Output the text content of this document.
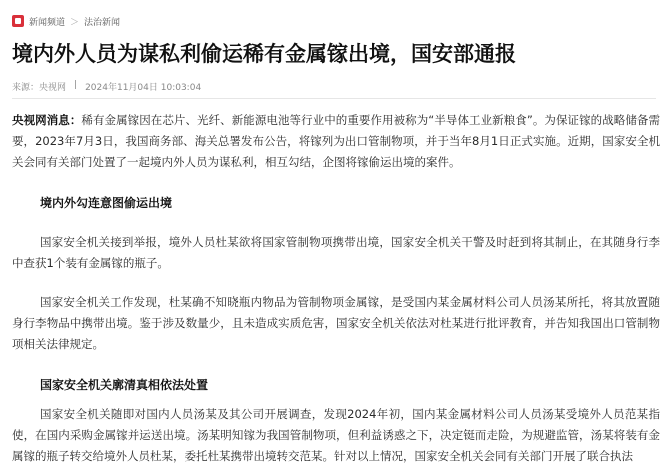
新闻频道 ＞ 法治新闻
境内外人员为谋私利偷运稀有金属镓出境，国安部通报
来源：央视网 | 2024年11月04日 10:03:04
央视网消息：稀有金属镓因在芯片、光纤、新能源电池等行业中的重要作用被称为“半导体工业新粮食”。为保证镓的战略储备需要，2023年7月3日，我国商务部、海关总署发布公告，将镓列为出口管制物项，并于当年8月1日正式实施。近期，国家安全机关会同有关部门处置了一起境内外人员为谋私利，相互勾结，企图将镓偷运出境的案件。
境内外勾连意图偷运出境
国家安全机关接到举报，境外人员杜某欲将国家管制物项携带出境，国家安全机关干警及时赶到将其制止，在其随身行李中查获1个装有金属镓的瓶子。
国家安全机关工作发现，杜某确不知晓瓶内物品为管制物项金属镓，是受国内某金属材料公司人员汤某所托，将其放置随身行李物品中携带出境。鉴于涉及数量少，且未造成实质危害，国家安全机关依法对杜某进行批评教育，并告知我国出口管制物项相关法律规定。
国家安全机关廓清真相依法处置
国家安全机关随即对国内人员汤某及其公司开展调查，发现2024年初，国内某金属材料公司人员汤某受境外人员范某指使，在国内采购金属镓并运送出境。汤某明知镓为我国管制物项，但利益诱惑之下，决定铤而走险，为规避监管，汤某将装有金属镓的瓶子转交给境外人员杜某，委托杜某携带出境转交范某。针对以上情况，国家安全机关会同有关部门开展了联合执法
